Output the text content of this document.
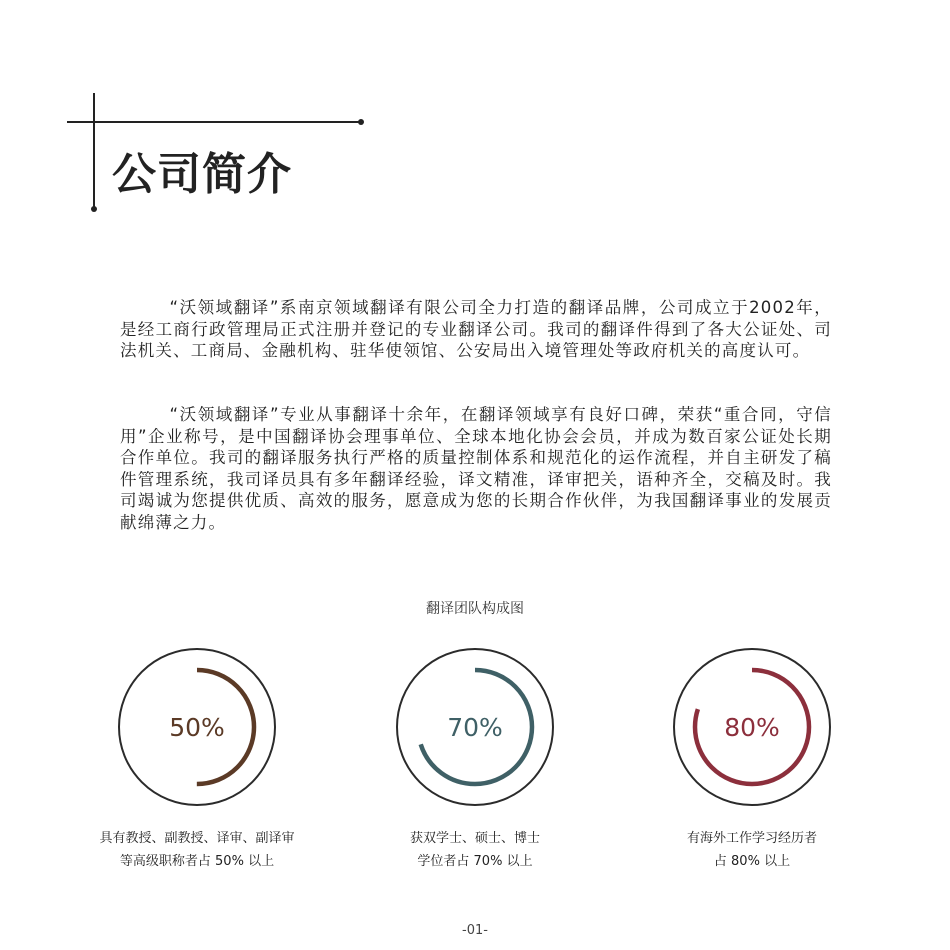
公司简介

“沃领域翻译”系南京领域翻译有限公司全力打造的翻译品牌，公司成立于2002年，是经工商行政管理局正式注册并登记的专业翻译公司。我司的翻译件得到了各大公证处、司法机关、工商局、金融机构、驻华使领馆、公安局出入境管理处等政府机关的高度认可。

“沃领域翻译”专业从事翻译十余年，在翻译领域享有良好口碑，荣获“重合同，守信用”企业称号，是中国翻译协会理事单位、全球本地化协会会员，并成为数百家公证处长期合作单位。我司的翻译服务执行严格的质量控制体系和规范化的运作流程，并自主研发了稿件管理系统，我司译员具有多年翻译经验，译文精准，译审把关，语种齐全，交稿及时。我司竭诚为您提供优质、高效的服务，愿意成为您的长期合作伙伴，为我国翻译事业的发展贡献绵薄之力。

翻译团队构成图
50%
具有教授、副教授、译审、副译审
等高级职称者占 50% 以上
70%
获双学士、硕士、博士
学位者占 70% 以上
80%
有海外工作学习经历者
占 80% 以上
-01-
